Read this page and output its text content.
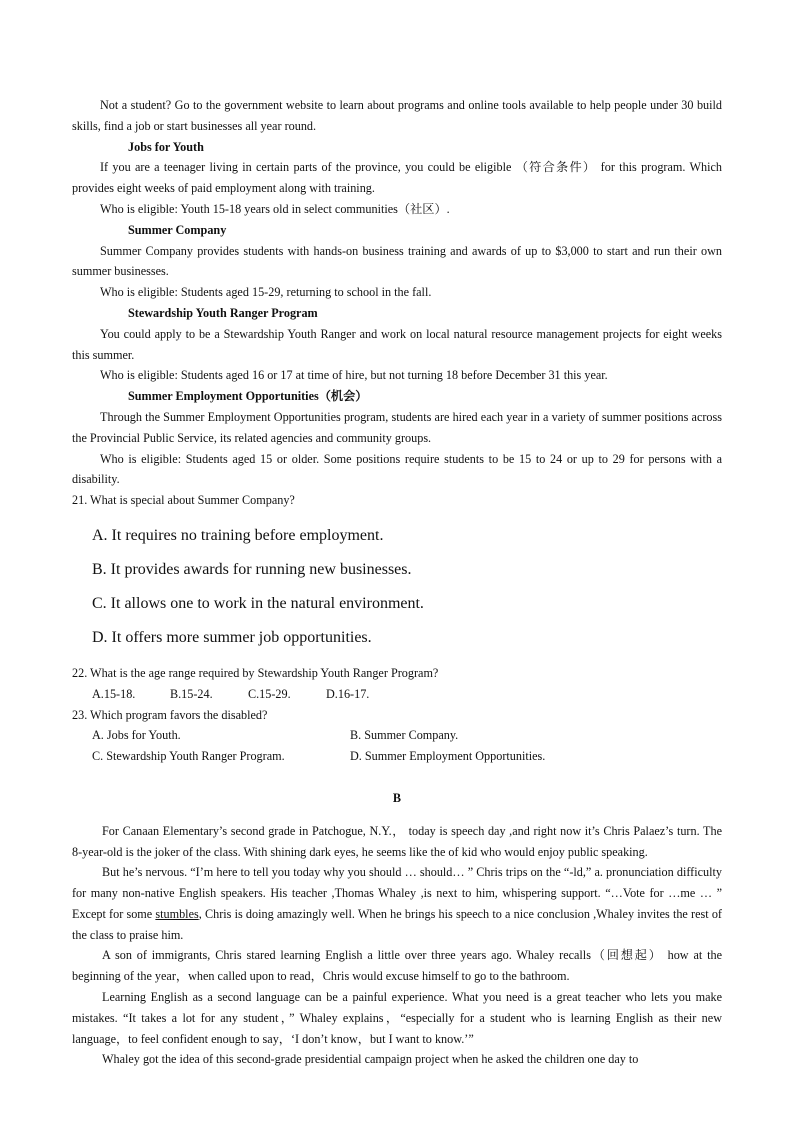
Not a student? Go to the government website to learn about programs and online tools available to help people under 30 build skills, find a job or start businesses all year round.

Jobs for Youth

If you are a teenager living in certain parts of the province, you could be eligible （符合条件） for this program. Which provides eight weeks of paid employment along with training.

Who is eligible: Youth 15-18 years old in select communities（社区）.

Summer Company

Summer Company provides students with hands-on business training and awards of up to $3,000 to start and run their own summer businesses.

Who is eligible: Students aged 15-29, returning to school in the fall.

Stewardship Youth Ranger Program

You could apply to be a Stewardship Youth Ranger and work on local natural resource management projects for eight weeks this summer.

Who is eligible: Students aged 16 or 17 at time of hire, but not turning 18 before December 31 this year.

Summer Employment Opportunities（机会）

Through the Summer Employment Opportunities program, students are hired each year in a variety of summer positions across the Provincial Public Service, its related agencies and community groups.

Who is eligible: Students aged 15 or older. Some positions require students to be 15 to 24 or up to 29 for persons with a disability.

21. What is special about Summer Company?

A. It requires no training before employment.

B. It provides awards for running new businesses.

C. It allows one to work in the natural environment.

D. It offers more summer job opportunities.

22. What is the age range required by Stewardship Youth Ranger Program?

A.15-18.	B.15-24.	C.15-29.	D.16-17.

23. Which program favors the disabled?

A. Jobs for Youth.	B. Summer Company.
C. Stewardship Youth Ranger Program.	D. Summer Employment Opportunities.

B

For Canaan Elementary’s second grade in Patchogue, N.Y.， today is speech day ,and right now it’s Chris Palaez’s turn. The 8-year-old is the joker of the class. With shining dark eyes, he seems like the of kid who would enjoy public speaking.

But he’s nervous. “I’m here to tell you today why you should … should… ” Chris trips on the “-ld,” a. pronunciation difficulty for many non-native English speakers. His teacher ,Thomas Whaley ,is next to him, whispering support. “…Vote for …me … ” Except for some stumbles, Chris is doing amazingly well. When he brings his speech to a nice conclusion ,Whaley invites the rest of the class to praise him.

A son of immigrants, Chris stared learning English a little over three years ago. Whaley recalls（回想起） how at the beginning of the year，when called upon to read，Chris would excuse himself to go to the bathroom.

Learning English as a second language can be a painful experience. What you need is a great teacher who lets you make mistakes. “It takes a lot for any student，” Whaley explains，“especially for a student who is learning English as their new language，to feel confident enough to say，‘I don’t know，but I want to know.’”

Whaley got the idea of this second-grade presidential campaign project when he asked the children one day to
